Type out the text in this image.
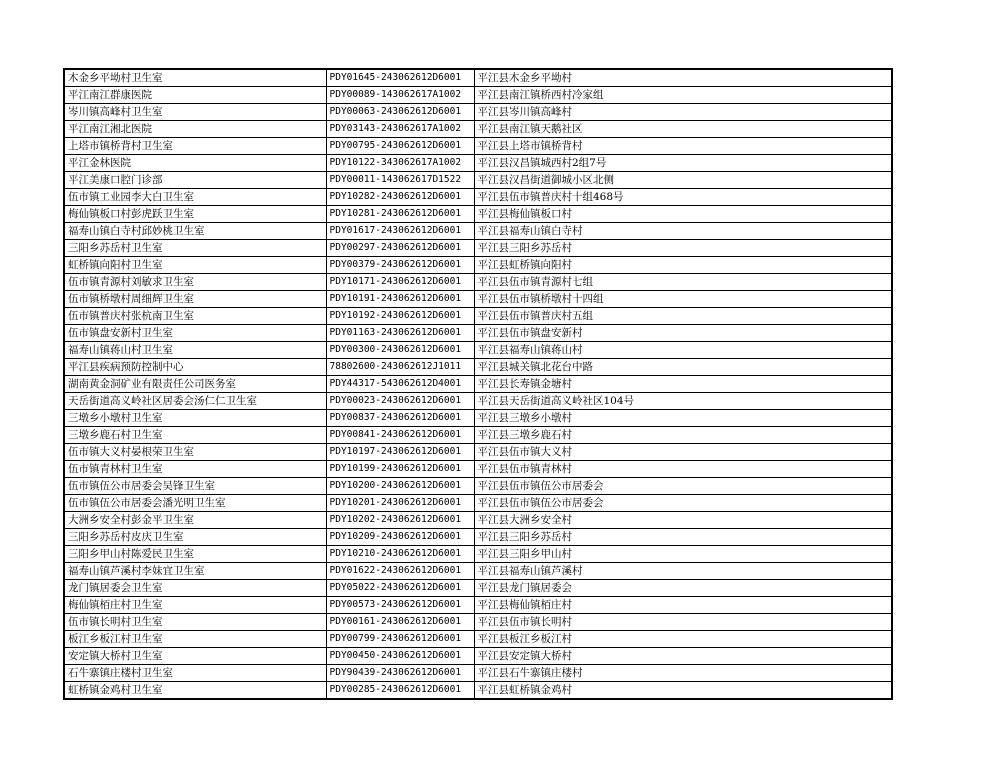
木金乡平坳村卫生室	PDY01645-243062612D6001	平江县木金乡平坳村
平江南江群康医院	PDY00089-143062617A1002	平江县南江镇桥西村冷家组
岑川镇高峰村卫生室	PDY00063-243062612D6001	平江县岑川镇高峰村
平江南江湘北医院	PDY03143-243062617A1002	平江县南江镇天鹅社区
上塔市镇桥背村卫生室	PDY00795-243062612D6001	平江县上塔市镇桥背村
平江金林医院	PDY10122-343062617A1002	平江县汉昌镇城西村2组7号
平江美康口腔门诊部	PDY00011-143062617D1522	平江县汉昌街道御城小区北侧
伍市镇工业园李大白卫生室	PDY10282-243062612D6001	平江县伍市镇普庆村十组468号
梅仙镇板口村彭虎跃卫生室	PDY10281-243062612D6001	平江县梅仙镇板口村
福寿山镇白寺村邱妙桃卫生室	PDY01617-243062612D6001	平江县福寿山镇白寺村
三阳乡苏岳村卫生室	PDY00297-243062612D6001	平江县三阳乡苏岳村
虹桥镇向阳村卫生室	PDY00379-243062612D6001	平江县虹桥镇向阳村
伍市镇青源村刘敏求卫生室	PDY10171-243062612D6001	平江县伍市镇青源村七组
伍市镇桥墩村周细辉卫生室	PDY10191-243062612D6001	平江县伍市镇桥墩村十四组
伍市镇普庆村张杭南卫生室	PDY10192-243062612D6001	平江县伍市镇普庆村五组
伍市镇盘安新村卫生室	PDY01163-243062612D6001	平江县伍市镇盘安新村
福寿山镇蒋山村卫生室	PDY00300-243062612D6001	平江县福寿山镇蒋山村
平江县疾病预防控制中心	78802600-243062612J1011	平江县城关镇北花台中路
湖南黄金洞矿业有限责任公司医务室	PDY44317-543062612D4001	平江县长寿镇金塘村
天岳街道高义岭社区居委会汤仁仁卫生室	PDY00023-243062612D6001	平江县天岳街道高义岭社区104号
三墩乡小墩村卫生室	PDY00837-243062612D6001	平江县三墩乡小墩村
三墩乡鹿石村卫生室	PDY00841-243062612D6001	平江县三墩乡鹿石村
伍市镇大义村晏根荣卫生室	PDY10197-243062612D6001	平江县伍市镇大义村
伍市镇青林村卫生室	PDY10199-243062612D6001	平江县伍市镇青林村
伍市镇伍公市居委会吴锋卫生室	PDY10200-243062612D6001	平江县伍市镇伍公市居委会
伍市镇伍公市居委会潘光明卫生室	PDY10201-243062612D6001	平江县伍市镇伍公市居委会
大洲乡安全村彭金平卫生室	PDY10202-243062612D6001	平江县大洲乡安全村
三阳乡苏岳村皮庆卫生室	PDY10209-243062612D6001	平江县三阳乡苏岳村
三阳乡甲山村陈爱民卫生室	PDY10210-243062612D6001	平江县三阳乡甲山村
福寿山镇芦溪村李妹宜卫生室	PDY01622-243062612D6001	平江县福寿山镇芦溪村
龙门镇居委会卫生室	PDY05022-243062612D6001	平江县龙门镇居委会
梅仙镇栢庄村卫生室	PDY00573-243062612D6001	平江县梅仙镇栢庄村
伍市镇长明村卫生室	PDY00161-243062612D6001	平江县伍市镇长明村
板江乡板江村卫生室	PDY00799-243062612D6001	平江县板江乡板江村
安定镇大桥村卫生室	PDY00450-243062612D6001	平江县安定镇大桥村
石牛寨镇庄楼村卫生室	PDY90439-243062612D6001	平江县石牛寨镇庄楼村
虹桥镇金鸡村卫生室	PDY00285-243062612D6001	平江县虹桥镇金鸡村
